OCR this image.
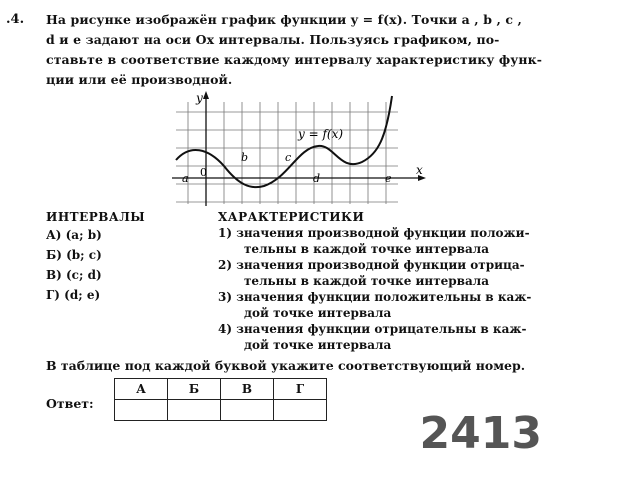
.4. На рисунке изображён график функции y = f(x). Точки a , b , c ,
d и e задают на оси Ox интервалы. Пользуясь графиком, по-
ставьте в соответствие каждому интервалу характеристику функ-
ции или её производной.
y
x
y = f(x)
0
a
b	c
d	e
ИНТЕРВАЛЫ
А) (a; b)
Б) (b; c)
В) (c; d)
Г) (d; e)
ХАРАКТЕРИСТИКИ
1) значения производной функции положи-
тельны в каждой точке интервала
2) значения производной функции отрица-
тельны в каждой точке интервала
3) значения функции положительны в каж-
дой точке интервала
4) значения функции отрицательны в каж-
дой точке интервала
В таблице под каждой буквой укажите соответствующий номер.
Ответ:
А	Б	В	Г

2413
